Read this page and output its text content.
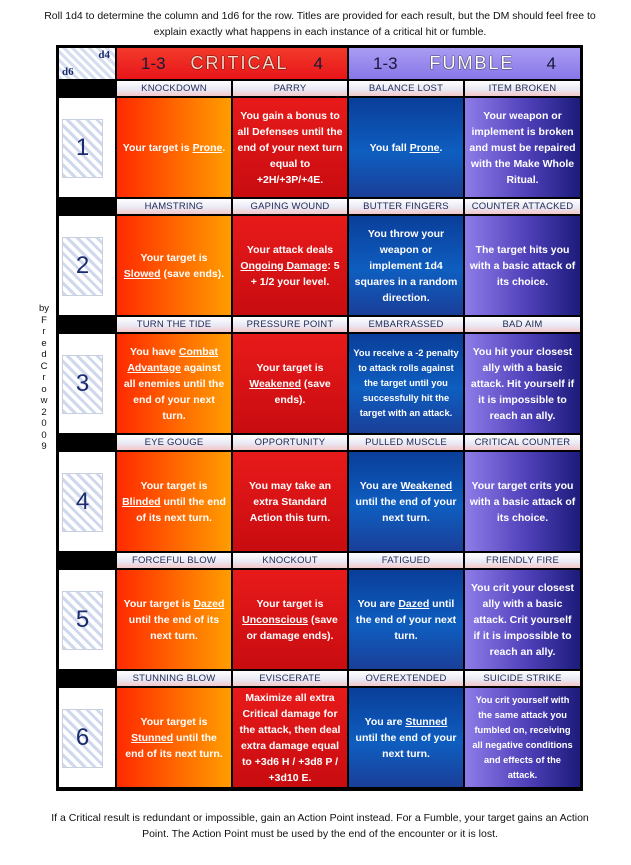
Roll 1d4 to determine the column and 1d6 for the row. Titles are provided for each result, but the DM should feel free to explain exactly what happens in each instance of a critical hit or fumble.
by
F
r
e
d
C
r
o
w
2
0
0
9
d4
d6	1-3 CRITICAL 4	1-3 FUMBLE 4
1
KNOCKDOWN
Your target is Prone.
PARRY
You gain a bonus to all Defenses until the end of your next turn equal to +2H/+3P/+4E.
BALANCE LOST
You fall Prone.
ITEM BROKEN
Your weapon or implement is broken and must be repaired with the Make Whole Ritual.
2
HAMSTRING
Your target is Slowed (save ends).
GAPING WOUND
Your attack deals Ongoing Damage: 5 + 1/2 your level.
BUTTER FINGERS
You throw your weapon or implement 1d4 squares in a random direction.
COUNTER ATTACKED
The target hits you with a basic attack of its choice.
3
TURN THE TIDE
You have Combat Advantage against all enemies until the end of your next turn.
PRESSURE POINT
Your target is Weakened (save ends).
EMBARRASSED
You receive a -2 penalty to attack rolls against the target until you successfully hit the target with an attack.
BAD AIM
You hit your closest ally with a basic attack. Hit yourself if it is impossible to reach an ally.
4
EYE GOUGE
Your target is Blinded until the end of its next turn.
OPPORTUNITY
You may take an extra Standard Action this turn.
PULLED MUSCLE
You are Weakened until the end of your next turn.
CRITICAL COUNTER
Your target crits you with a basic attack of its choice.
5
FORCEFUL BLOW
Your target is Dazed until the end of its next turn.
KNOCKOUT
Your target is Unconscious (save or damage ends).
FATIGUED
You are Dazed until the end of your next turn.
FRIENDLY FIRE
You crit your closest ally with a basic attack. Crit yourself if it is impossible to reach an ally.
6
STUNNING BLOW
Your target is Stunned until the end of its next turn.
EVISCERATE
Maximize all extra Critical damage for the attack, then deal extra damage equal to +3d6 H / +3d8 P / +3d10 E.
OVEREXTENDED
You are Stunned until the end of your next turn.
SUICIDE STRIKE
You crit yourself with the same attack you fumbled on, receiving all negative conditions and effects of the attack.
If a Critical result is redundant or impossible, gain an Action Point instead. For a Fumble, your target gains an Action Point. The Action Point must be used by the end of the encounter or it is lost.
